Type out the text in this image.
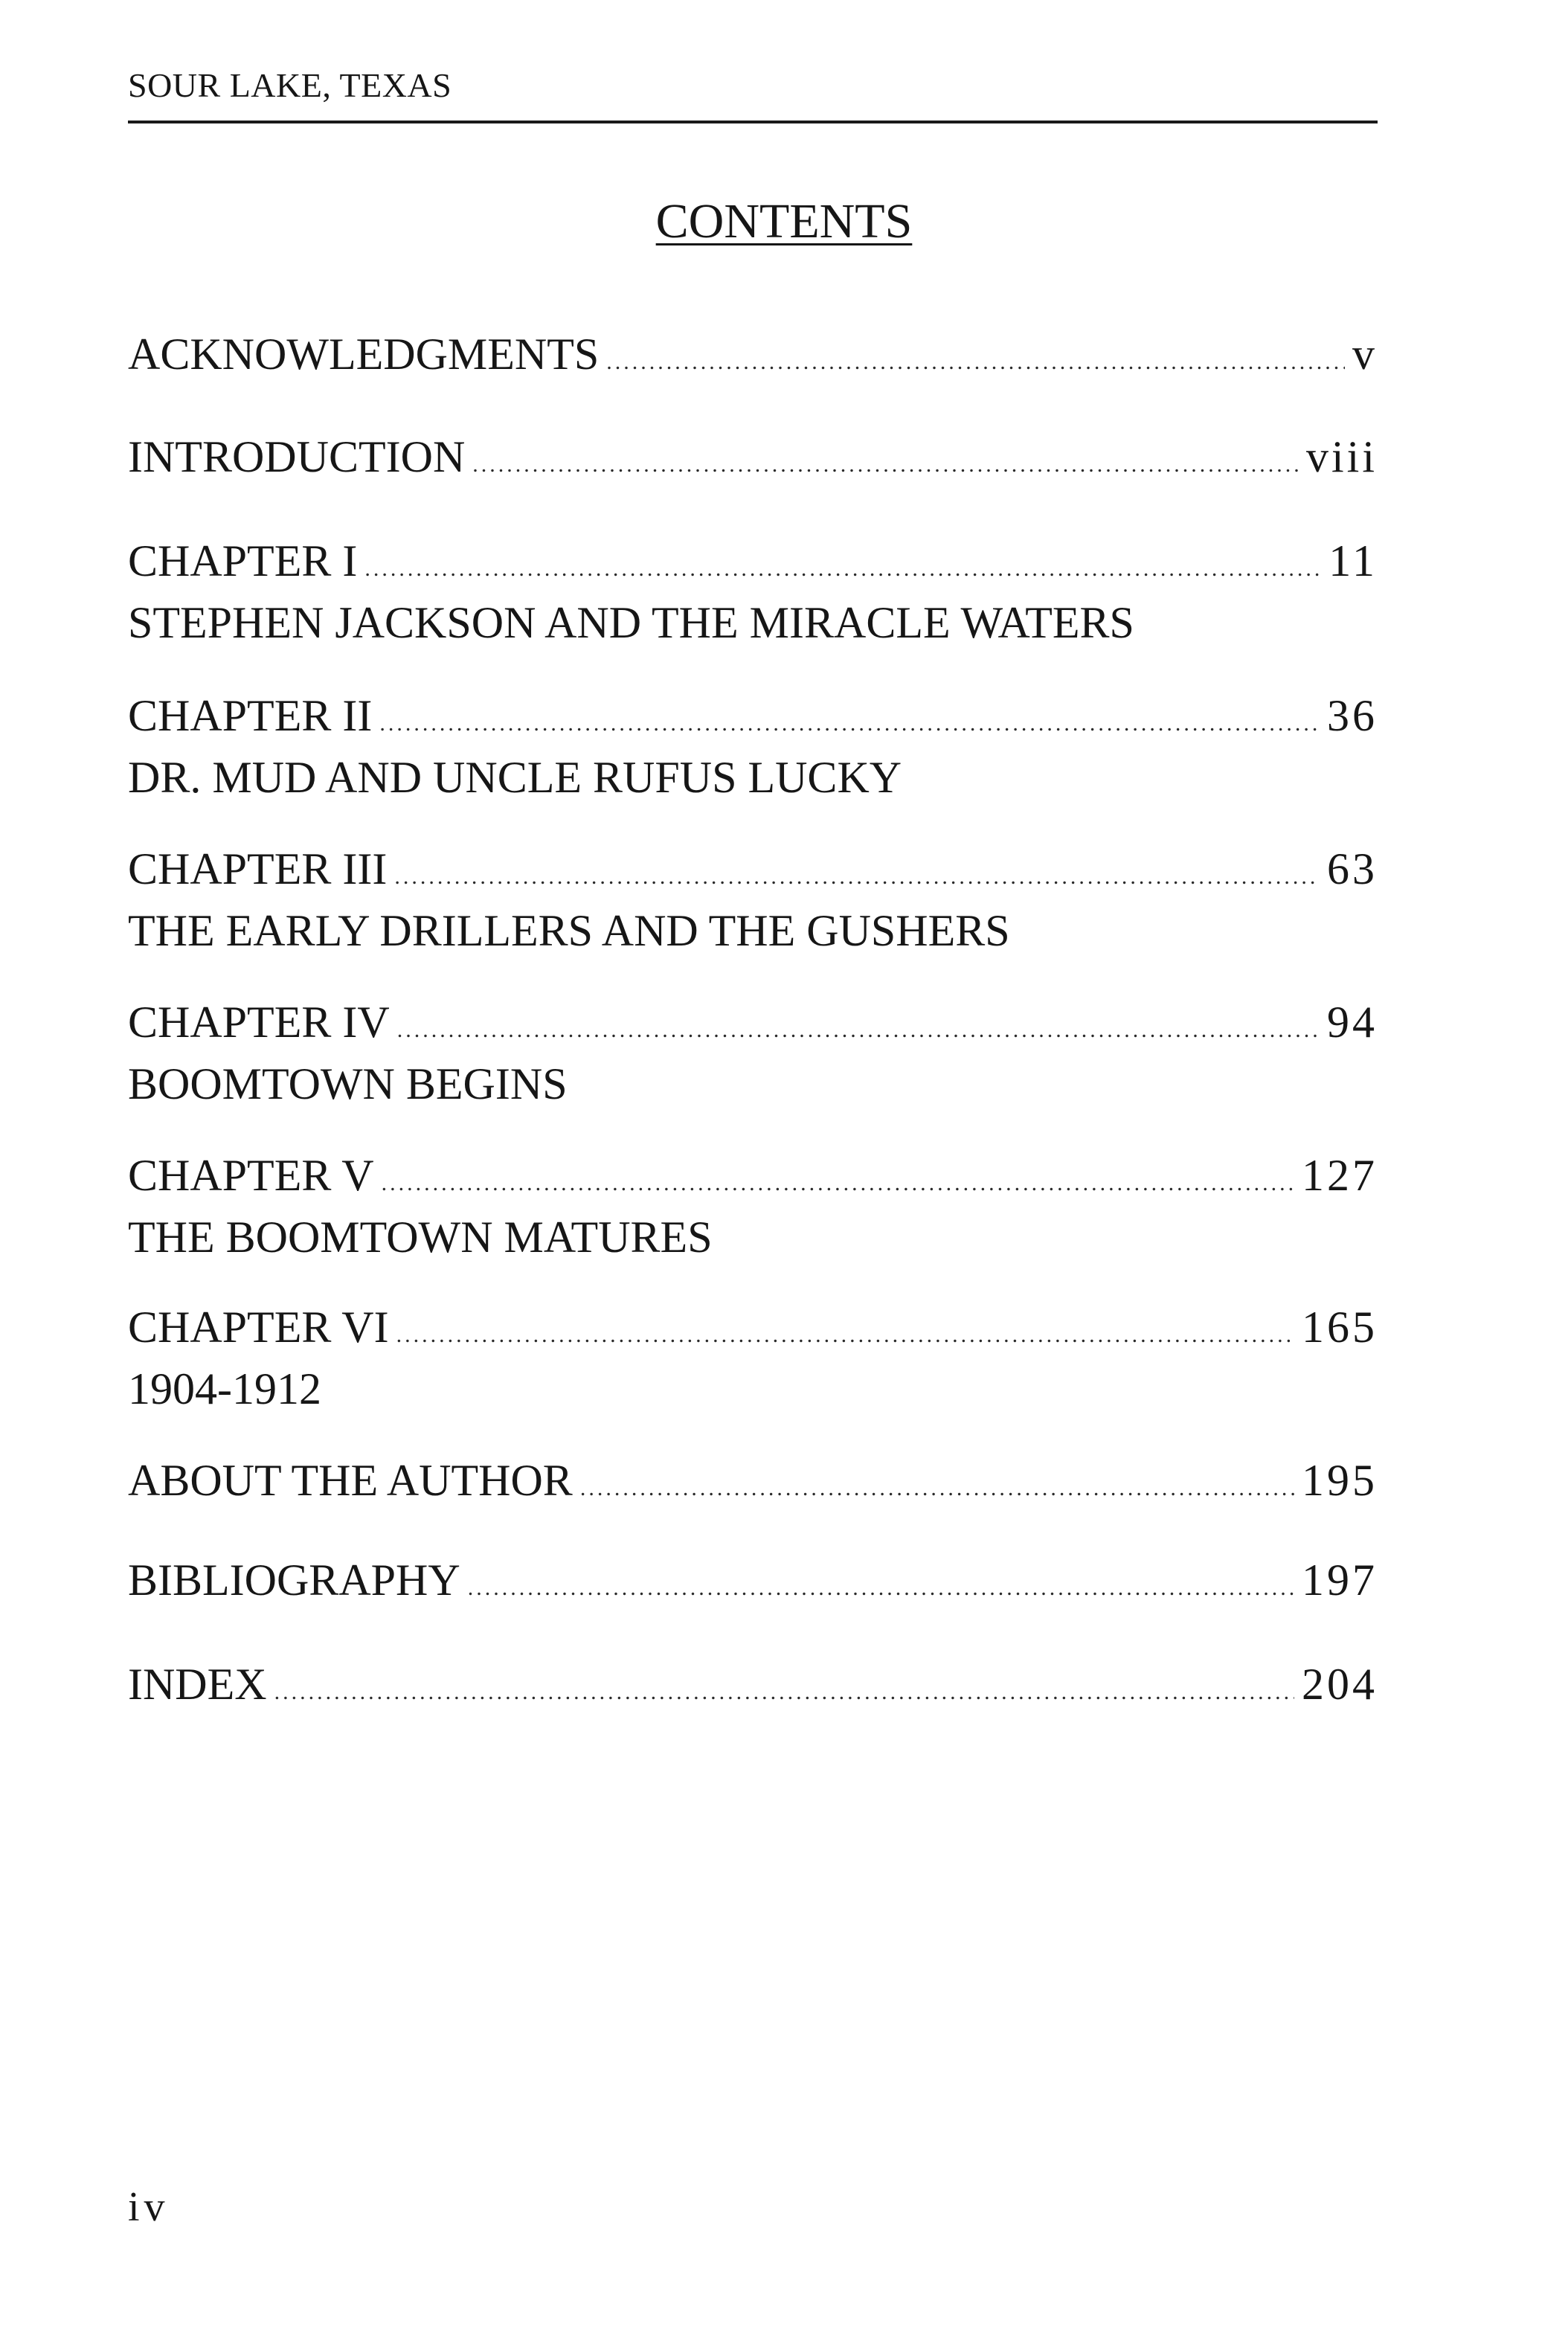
SOUR LAKE, TEXAS
CONTENTS
ACKNOWLEDGMENTS .....	v
INTRODUCTION .....	viii
CHAPTER I .....	11
STEPHEN JACKSON AND THE MIRACLE WATERS
CHAPTER II .....	36
DR. MUD AND UNCLE RUFUS LUCKY
CHAPTER III .....	63
THE EARLY DRILLERS AND THE GUSHERS
CHAPTER IV .....	94
BOOMTOWN BEGINS
CHAPTER V .....	127
THE BOOMTOWN MATURES
CHAPTER VI .....	165
1904-1912
ABOUT THE AUTHOR .....	195
BIBLIOGRAPHY .....	197
INDEX .....	204
iv
